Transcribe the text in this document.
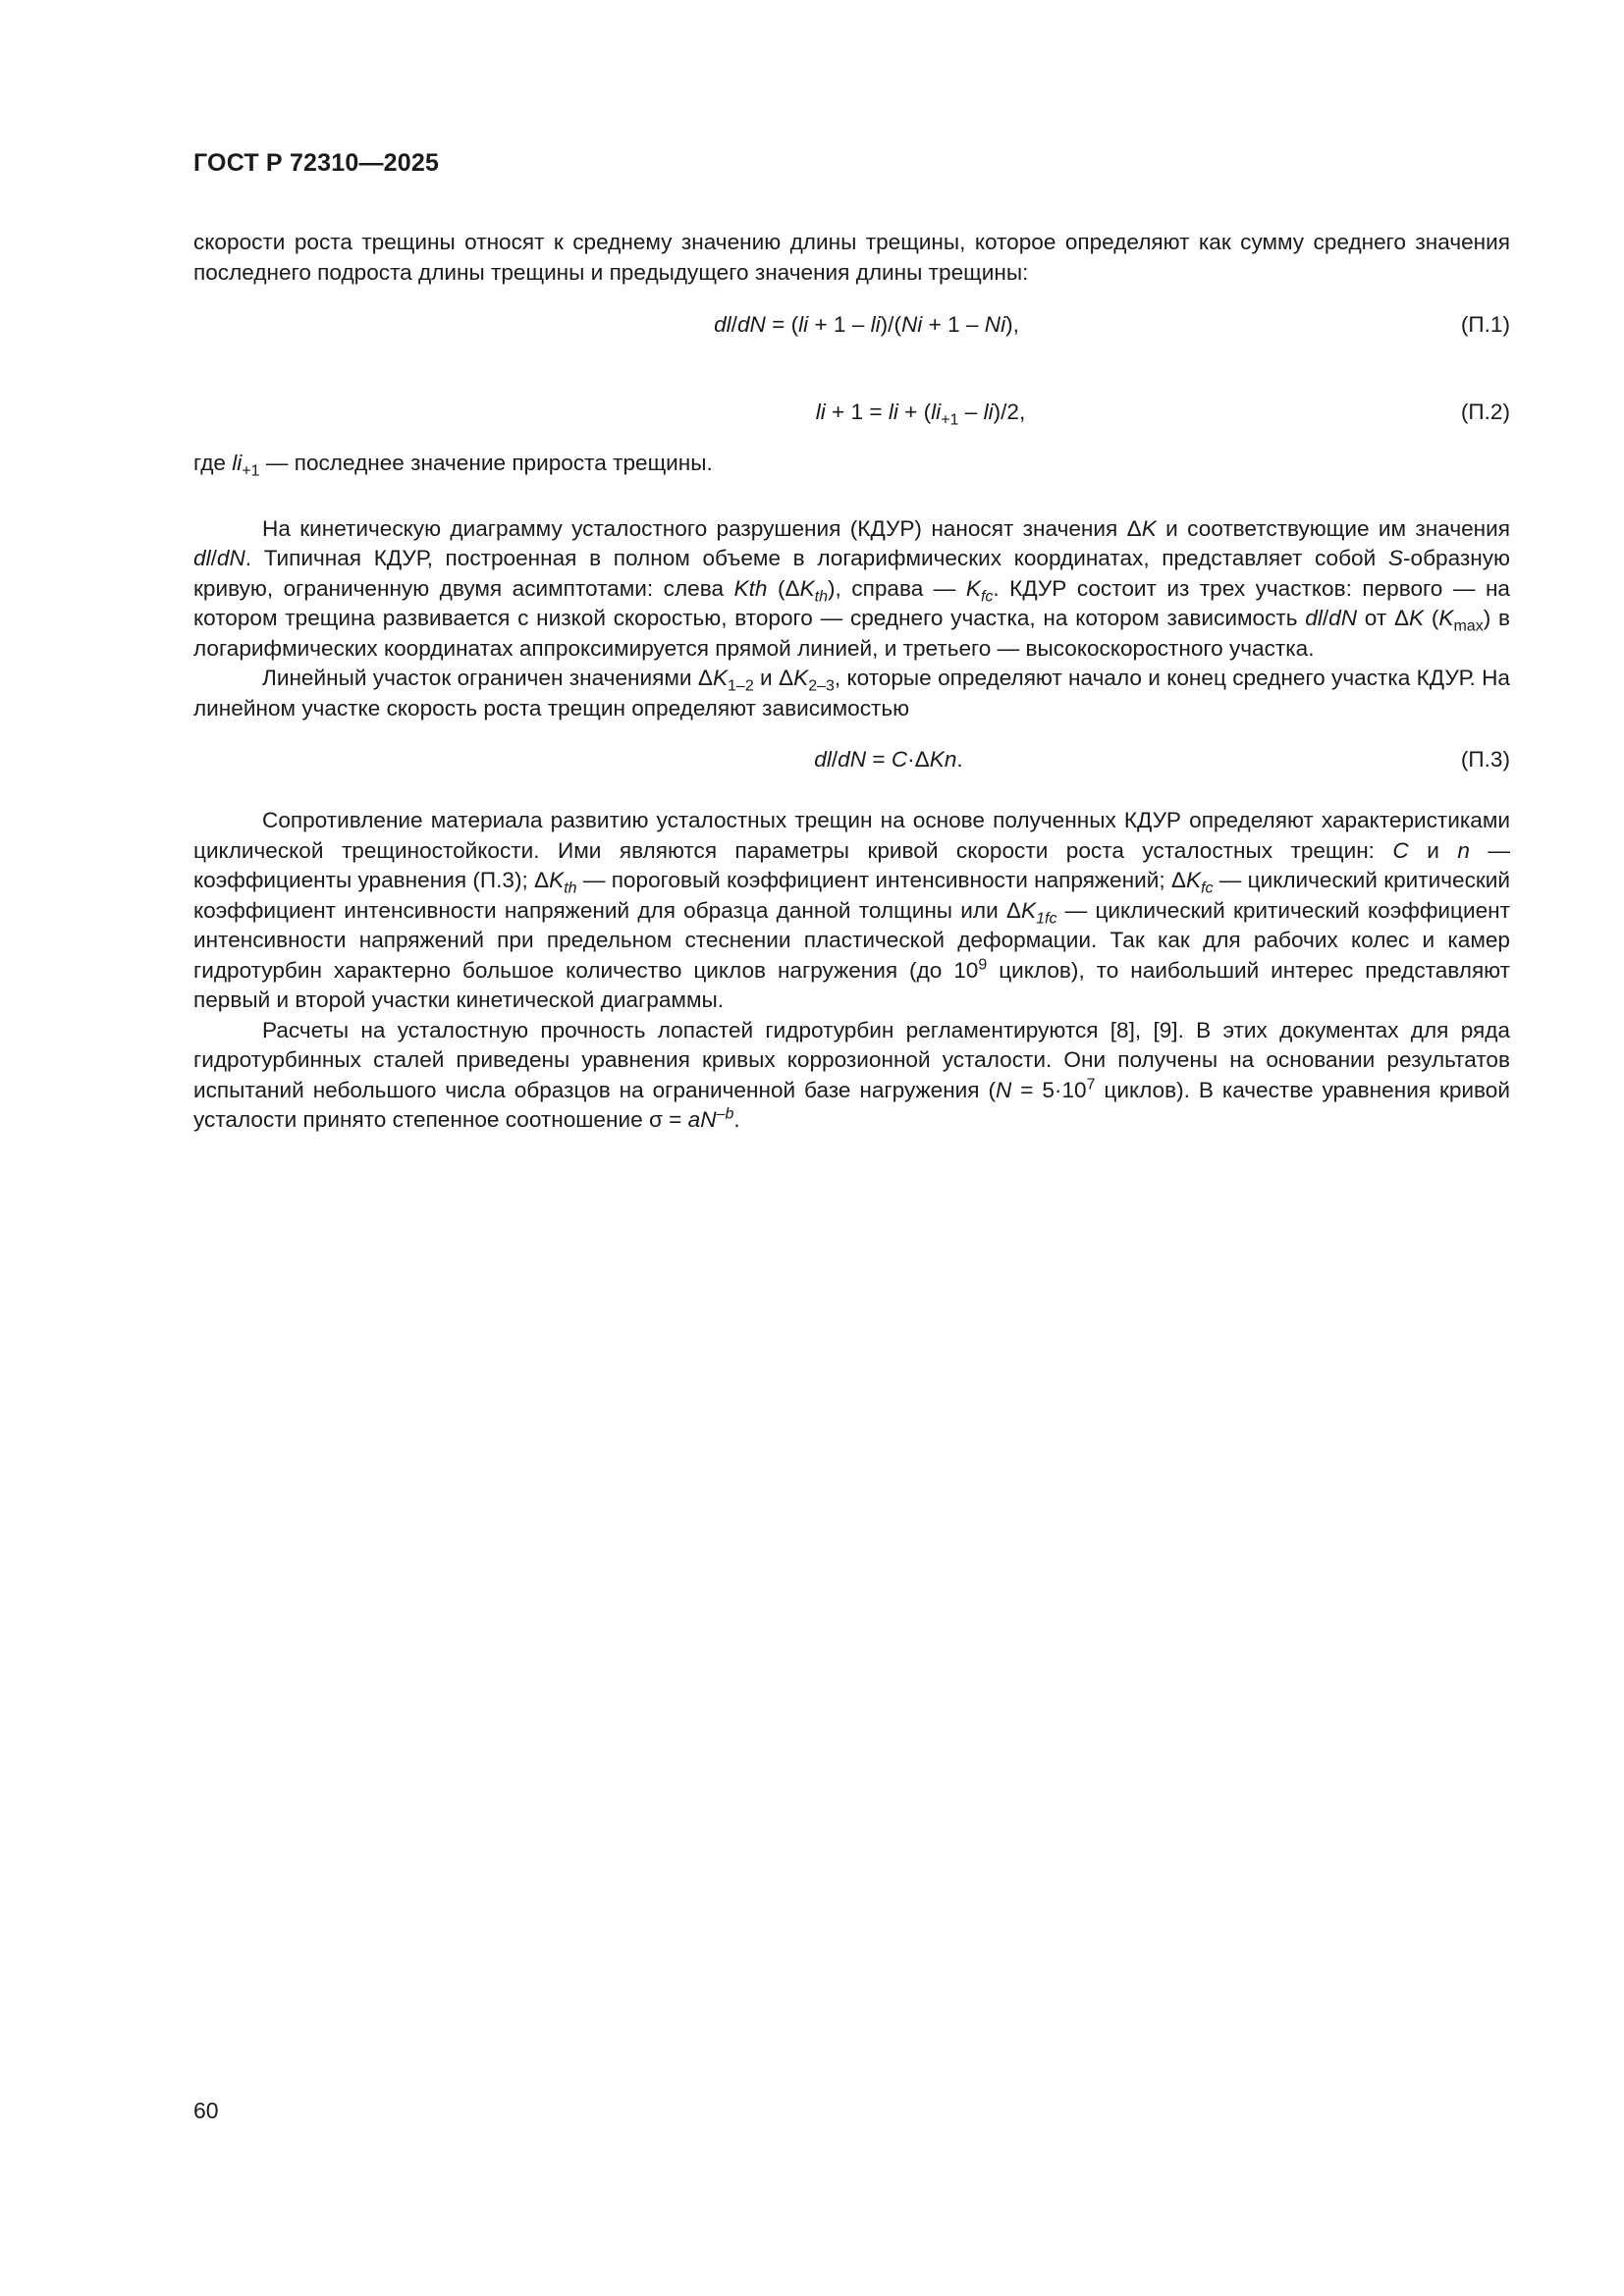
ГОСТ Р 72310—2025

скорости роста трещины относят к среднему значению длины трещины, которое определяют как сумму среднего значения последнего подроста длины трещины и предыдущего значения длины трещины:

dl/dN = (li + 1 – li)/(Ni + 1 – Ni),	(П.1)
li + 1 = li + $(li_{+1} - li)/2$,	(П.2)

где $li_{+1}$ — последнее значение прироста трещины.

На кинетическую диаграмму усталостного разрушения (КДУР) наносят значения ΔK и соответствующие им значения dl/dN. Типичная КДУР, построенная в полном объеме в логарифмических координатах, представляет собой S-образную кривую, ограниченную двумя асимптотами: слева Kth $(\Delta K_{th})$, справа — $K_{fc}$. КДУР состоит из трех участков: первого — на котором трещина развивается с низкой скоростью, второго — среднего участка, на котором зависимость dl/dN от ΔK $(K_{max})$ в логарифмических координатах аппроксимируется прямой линией, и третьего — высокоскоростного участка.

Линейный участок ограничен значениями $\Delta K_{1-2}$ и $\Delta K_{2-3}$, которые определяют начало и конец среднего участка КДУР. На линейном участке скорость роста трещин определяют зависимостью

dl/dN = C·ΔKn.	(П.3)

Сопротивление материала развитию усталостных трещин на основе полученных КДУР определяют характеристиками циклической трещиностойкости. Ими являются параметры кривой скорости роста усталостных трещин: C и n — коэффициенты уравнения (П.3); $\Delta K_{th}$ — пороговый коэффициент интенсивности напряжений; $\Delta K_{fc}$ — циклический критический коэффициент интенсивности напряжений для образца данной толщины или $\Delta K_{1fc}$ — циклический критический коэффициент интенсивности напряжений при предельном стеснении пластической деформации. Так как для рабочих колес и камер гидротурбин характерно большое количество циклов нагружения (до $10^9$ циклов), то наибольший интерес представляют первый и второй участки кинетической диаграммы.

Расчеты на усталостную прочность лопастей гидротурбин регламентируются [8], [9]. В этих документах для ряда гидротурбинных сталей приведены уравнения кривых коррозионной усталости. Они получены на основании результатов испытаний небольшого числа образцов на ограниченной базе нагружения ($N = 5\cdot 10^7$ циклов). В качестве уравнения кривой усталости принято степенное соотношение $\sigma = aN^{-b}$.

60
